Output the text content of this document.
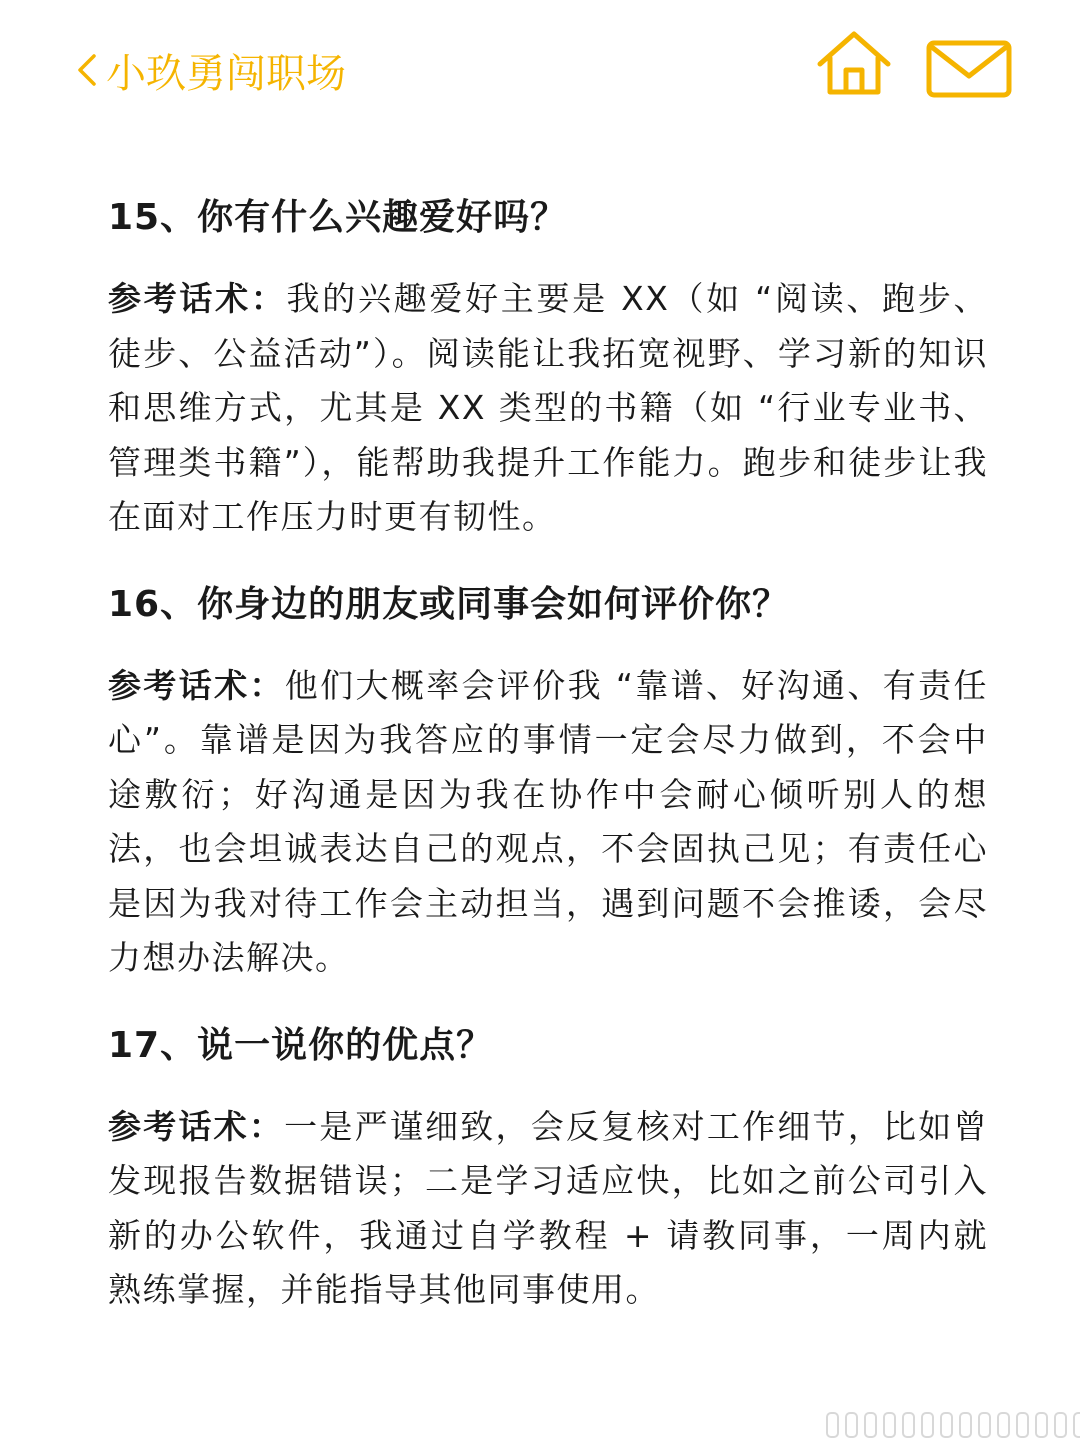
小玖勇闯职场
15、你有什么兴趣爱好吗？

参考话术：我的兴趣爱好主要是 XX（如 “阅读、跑步、徒步、公益活动”）。阅读能让我拓宽视野、学习新的知识和思维方式，尤其是 XX 类型的书籍（如 “行业专业书、管理类书籍”），能帮助我提升工作能力。跑步和徒步让我在面对工作压力时更有韧性。

16、你身边的朋友或同事会如何评价你？

参考话术：他们大概率会评价我 “靠谱、好沟通、有责任心”。靠谱是因为我答应的事情一定会尽力做到，不会中途敷衍；好沟通是因为我在协作中会耐心倾听别人的想法，也会坦诚表达自己的观点，不会固执己见；有责任心是因为我对待工作会主动担当，遇到问题不会推诿，会尽力想办法解决。

17、说一说你的优点？

参考话术：一是严谨细致，会反复核对工作细节，比如曾发现报告数据错误；二是学习适应快，比如之前公司引入新的办公软件，我通过自学教程 + 请教同事，一周内就熟练掌握，并能指导其他同事使用。
